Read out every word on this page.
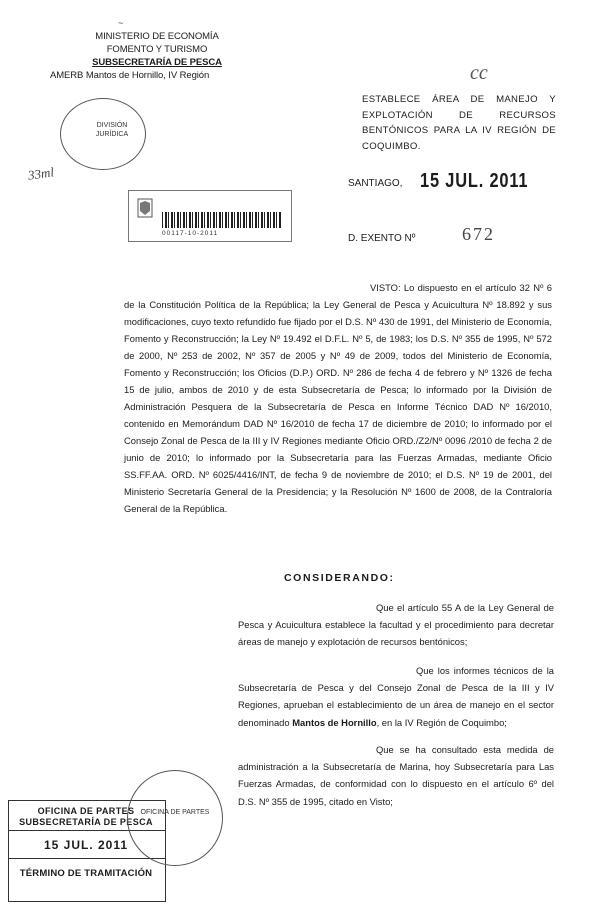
~
MINISTERIO DE ECONOMÍA
FOMENTO Y TURISMO
SUBSECRETARÍA DE PESCA
AMERB Mantos de Hornillo, IV Región	cc
DIVISIÓN JURÍDICA
33ml
ESTABLECE ÁREA DE MANEJO Y EXPLOTACIÓN DE RECURSOS BENTÓNICOS PARA LA IV REGIÓN DE COQUIMBO.
SANTIAGO, 15 JUL. 2011
D. EXENTO Nº	672
00117-10-2011
VISTO: Lo dispuesto en el artículo 32 Nº 6 de la Constitución Política de la República; la Ley General de Pesca y Acuicultura Nº 18.892 y sus modificaciones, cuyo texto refundido fue fijado por el D.S. Nº 430 de 1991, del Ministerio de Economía, Fomento y Reconstrucción; la Ley Nº 19.492 el D.F.L. Nº 5, de 1983; los D.S. Nº 355 de 1995, Nº 572 de 2000, Nº 253 de 2002, Nº 357 de 2005 y Nº 49 de 2009, todos del Ministerio de Economía, Fomento y Reconstrucción; los Oficios (D.P.) ORD. Nº 286 de fecha 4 de febrero y Nº 1326 de fecha 15 de julio, ambos de 2010 y de esta Subsecretaría de Pesca; lo informado por la División de Administración Pesquera de la Subsecretaría de Pesca en Informe Técnico DAD Nº 16/2010, contenido en Memorándum DAD Nº 16/2010 de fecha 17 de diciembre de 2010; lo informado por el Consejo Zonal de Pesca de la III y IV Regiones mediante Oficio ORD./Z2/Nº 0096 /2010 de fecha 2 de junio de 2010; lo informado por la Subsecretaría para las Fuerzas Armadas, mediante Oficio SS.FF.AA. ORD. Nº 6025/4416/INT, de fecha 9 de noviembre de 2010; el D.S. Nº 19 de 2001, del Ministerio Secretaría General de la Presidencia; y la Resolución Nº 1600 de 2008, de la Contraloría General de la República.
CONSIDERANDO:
Que el artículo 55 A de la Ley General de Pesca y Acuicultura establece la facultad y el procedimiento para decretar áreas de manejo y explotación de recursos bentónicos;
Que los informes técnicos de la Subsecretaría de Pesca y del Consejo Zonal de Pesca de la III y IV Regiones, aprueban el establecimiento de un área de manejo en el sector denominado Mantos de Hornillo, en la IV Región de Coquimbo;
Que se ha consultado esta medida de administración a la Subsecretaría de Marina, hoy Subsecretaría para Las Fuerzas Armadas, de conformidad con lo dispuesto en el artículo 6º del D.S. Nº 355 de 1995, citado en Visto;
OFICINA DE PARTES
SUBSECRETARÍA DE PESCA
15 JUL. 2011
TÉRMINO DE TRAMITACIÓN
OFICINA DE PARTES
